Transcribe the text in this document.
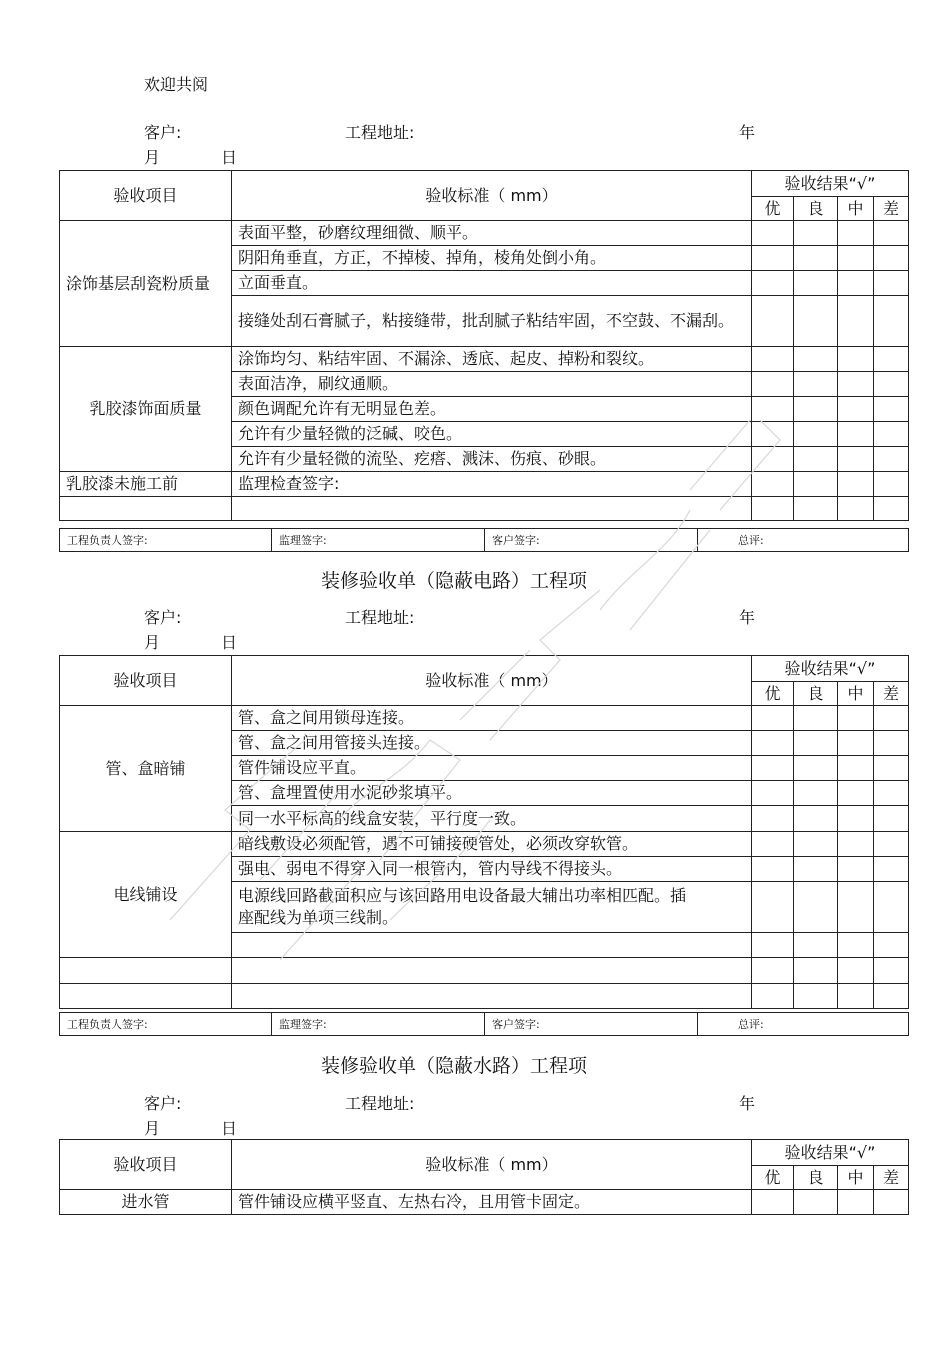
欢迎共阅
客户:	工程地址:	年
月	日
验收项目	验收标准（ mm）	验收结果“√”			
		优	良	中	差
涂饰基层刮瓷粉质量	表面平整，砂磨纹理细微、顺平。				
	阴阳角垂直，方正，不掉棱、掉角，棱角处倒小角。				
	立面垂直。				
	接缝处刮石膏腻子，粘接缝带，批刮腻子粘结牢固，不空鼓、不漏刮。				
乳胶漆饰面质量	涂饰均匀、粘结牢固、不漏涂、透底、起皮、掉粉和裂纹。				
	表面洁净，刷纹通顺。				
	颜色调配允许有无明显色差。				
	允许有少量轻微的泛碱、咬色。				
	允许有少量轻微的流坠、疙瘩、溅沫、伤痕、砂眼。				
乳胶漆未施工前	监理检查签字:				

工程负责人签字:	监理签字:	客户签字:	总评:
装修验收单（隐蔽电路）工程项
客户:	工程地址:	年
月	日
验收项目	验收标准（ mm）	验收结果“√”			
		优	良	中	差
管、盒暗铺	管、盒之间用锁母连接。				
	管、盒之间用管接头连接。				
	管件铺设应平直。				
	管、盒埋置使用水泥砂浆填平。				
	同一水平标高的线盒安装，平行度一致。				
电线铺设	暗线敷设必须配管，遇不可铺接硬管处，必须改穿软管。				
	强电、弱电不得穿入同一根管内，管内导线不得接头。				
	电源线回路截面积应与该回路用电设备最大辅出功率相匹配。插座配线为单项三线制。				

工程负责人签字:	监理签字:	客户签字:	总评:
装修验收单（隐蔽水路）工程项
客户:	工程地址:	年
月	日
验收项目	验收标准（ mm）	验收结果“√”			
		优	良	中	差
进水管	管件铺设应横平竖直、左热右冷，且用管卡固定。				
